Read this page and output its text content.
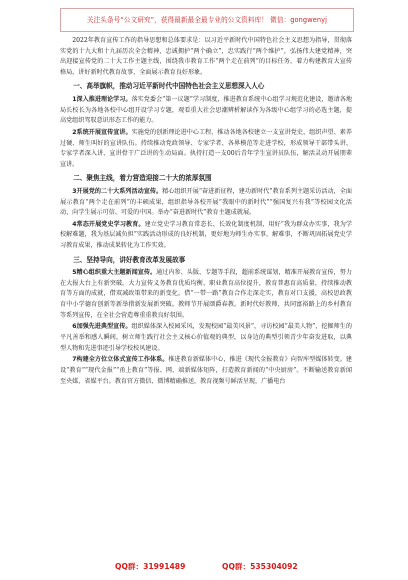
关注头条号“公文研究”，获得最新最全最专业的公文资料库！ 微信：gongwenyj

2022年教育宣传工作的指导思想和总体要求是：以习近平新时代中国特色社会主义思想为指导，贯彻落实党的十九大和十九届历次全会精神，忠诚拥护“两个确立”，忠实践行“两个维护”，弘扬伟大建党精神，突出迎接宣传党的二十大工作主题主线，围绕我市教育工作“两个走在前列”的目标任务，着力构建教育大宣传格局，讲好新时代教育故事，全面展示教育良好形象。

一、高举旗帜，推动习近平新时代中国特色社会主义思想深入人心

1深入推进理论学习。落实党委会“第一议题”学习制度，推进教育系统中心组学习规范化建设，邀请各地局长校长为各地各校中心组开设学习专题，观看重大社会思潮辨析解读作为各级中心组学习的必选主题，提高党组织驾驭意识形态工作的能力。

2系统开展宣传宣讲。实施党的创新理论进中心工程，推动各地各校建立一支宣讲党史、组织声望、素养过硬、师生叫好的宣讲队伍。持续推动党政领导、专家学者、各界模范等走进学校，形成领导干部带头讲、专家学者深入讲、宣讲骨干广泛讲的生动局面。执持打造一支00后青年学生宣讲员队伍，解活灵动开展朋辈宣讲。

二、聚焦主线，着力营造迎接二十大的浓厚氛围

3开展党的二十大系列活动宣传。精心组织开展“奋进新征程，建功新时代”教育系列主题采访活动，全面展示教育“两个走在前列”的丰硕成果，组织指导各校开展“我眼中的新时代”“强国复兴有我”等校园文化活动，向学生展示可信、可爱的中国。举办“奋进新时代”教育主题成就展。

4常态开展党史学习教育。建立党史学习教育常态长、长效化制度机制，用好“我为群众办实事，我为学校解难题，我为基层减负担”实践活动形成的良好机制，更好地为师生办实事，解难事，不断巩固拓展党史学习教育成果，推动成果转化为工作实效。

三、坚持导向，讲好教育改革发展故事

5精心组织重大主题新闻宣传。通过内参、头版、专题等手段，超前系统谋划，精准开展教育宣传，努力在大报大台上有新突破。大力宣传义务教育优质均衡、职业教育高位提升，教育普惠育高质量，持续推动教育等方面的成就，借双减政策带来的新变化。借“一带一路”教育合作走深走实，教育对口支援，高校思政教育中小学德育创新等新举措新发展新突破。教师节开展颂爵春教。新时代好教师、共同富裕路上的乡村教育等系列宣传，在全社会营造尊重重教良好氛围。

6加强先进典型宣传。组织媒体深入校园采风，发现校园“最美风景”，寻访校园“最美人物”，挖掘师生的平凡善举和感人瞬间，树立师生践行社会主义核心价值观的典型，以身边的典型引领青少年奋发进取，以典型人物和先进事迹引导学校校风建设。

7构建全方位立体式宣传工作体系。推进教育新媒体中心，推进《现代金报教育》向智库型媒体转变。建设“教育”“现代金报”“甬上教育”等报、网、端新媒体矩阵，打造教育新闻的“中央厨房”。不断输送教育新闻至央媒、省媒平台。教育官方微信、微博精确推送，教育视频号鲜活呈现，广播电台

QQ群：31991489	QQ群：535304092
